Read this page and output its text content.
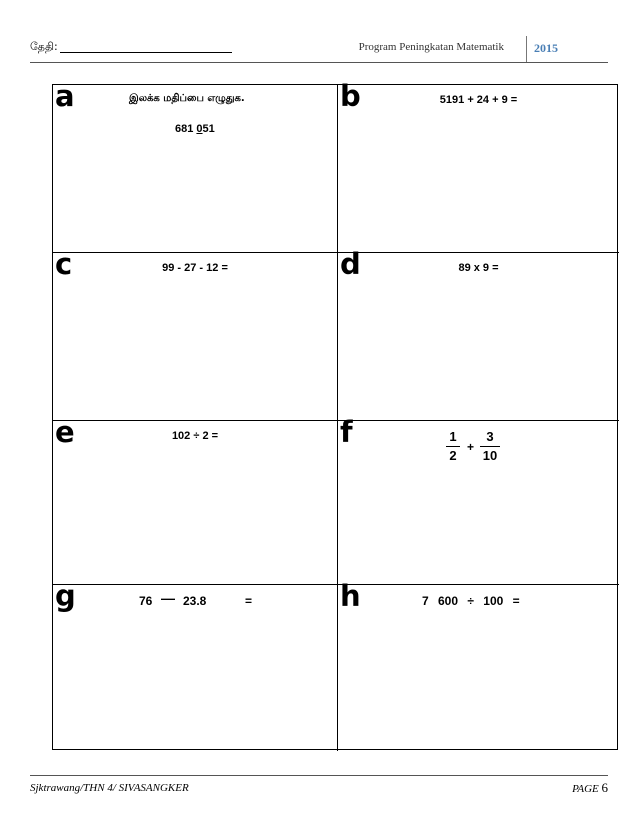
தேதி:	Program Peningkatan Matematik	2015
a	இலக்க மதிப்பை எழுதுக.
681 051
b	5191 + 24 + 9 =
c	99 - 27 - 12 =	d	89 x 9 =
e	102 ÷ 2 =	f	1
2
+
3
10
g	76 — 23.8	=	h	7 600 ÷ 100 =
Sjktrawang/THN 4/ SIVASANGKER	PAGE 6
